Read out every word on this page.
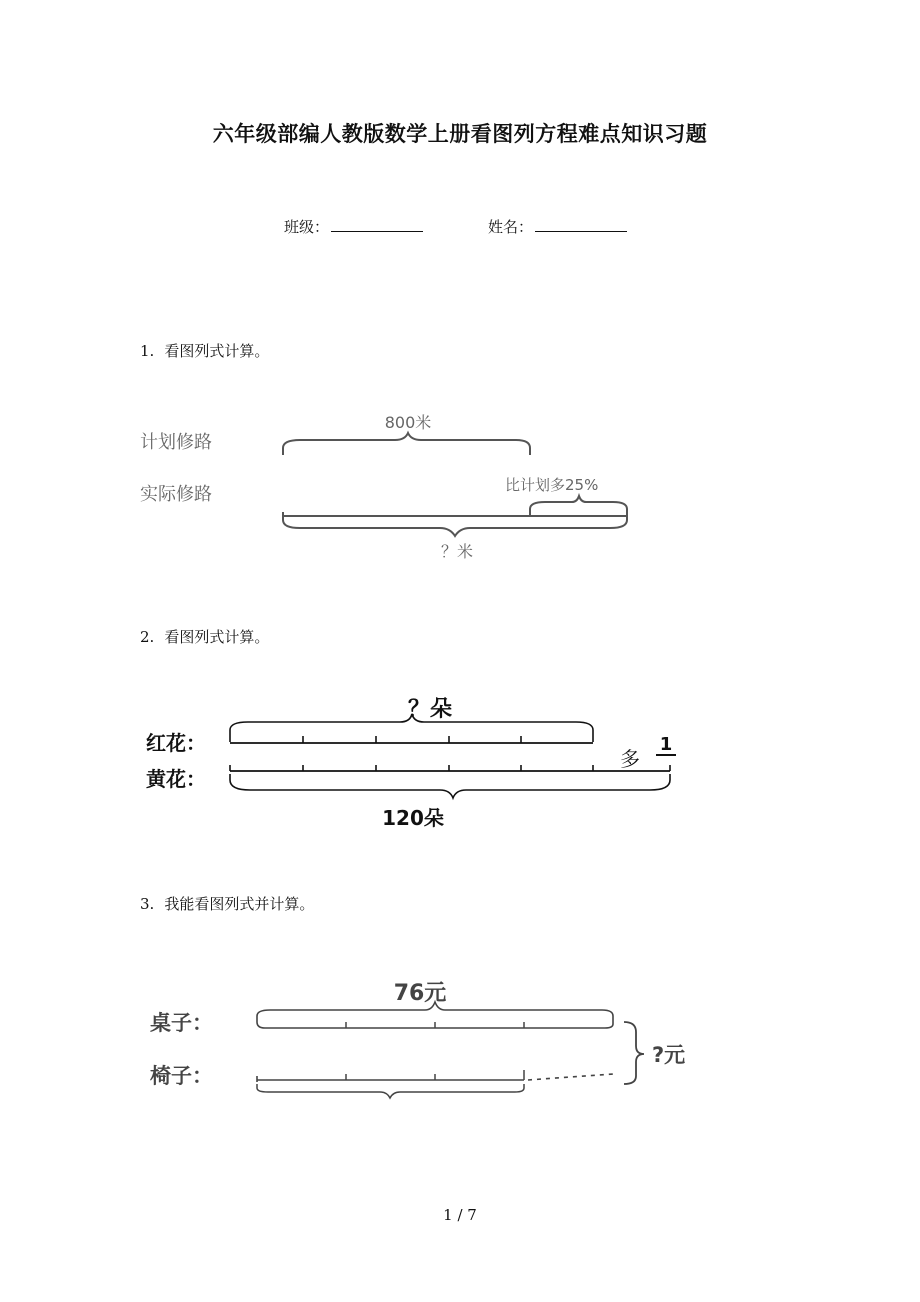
六年级部编人教版数学上册看图列方程难点知识习题
班级：	姓名：
1. 看图列式计算。
计划修路
实际修路
800米
比计划多25%
？米
2. 看图列式计算。
？朵
红花：
黄花：
120朵
多
1
3. 我能看图列式并计算。
76元
桌子：
椅子：
?元
1 / 7
